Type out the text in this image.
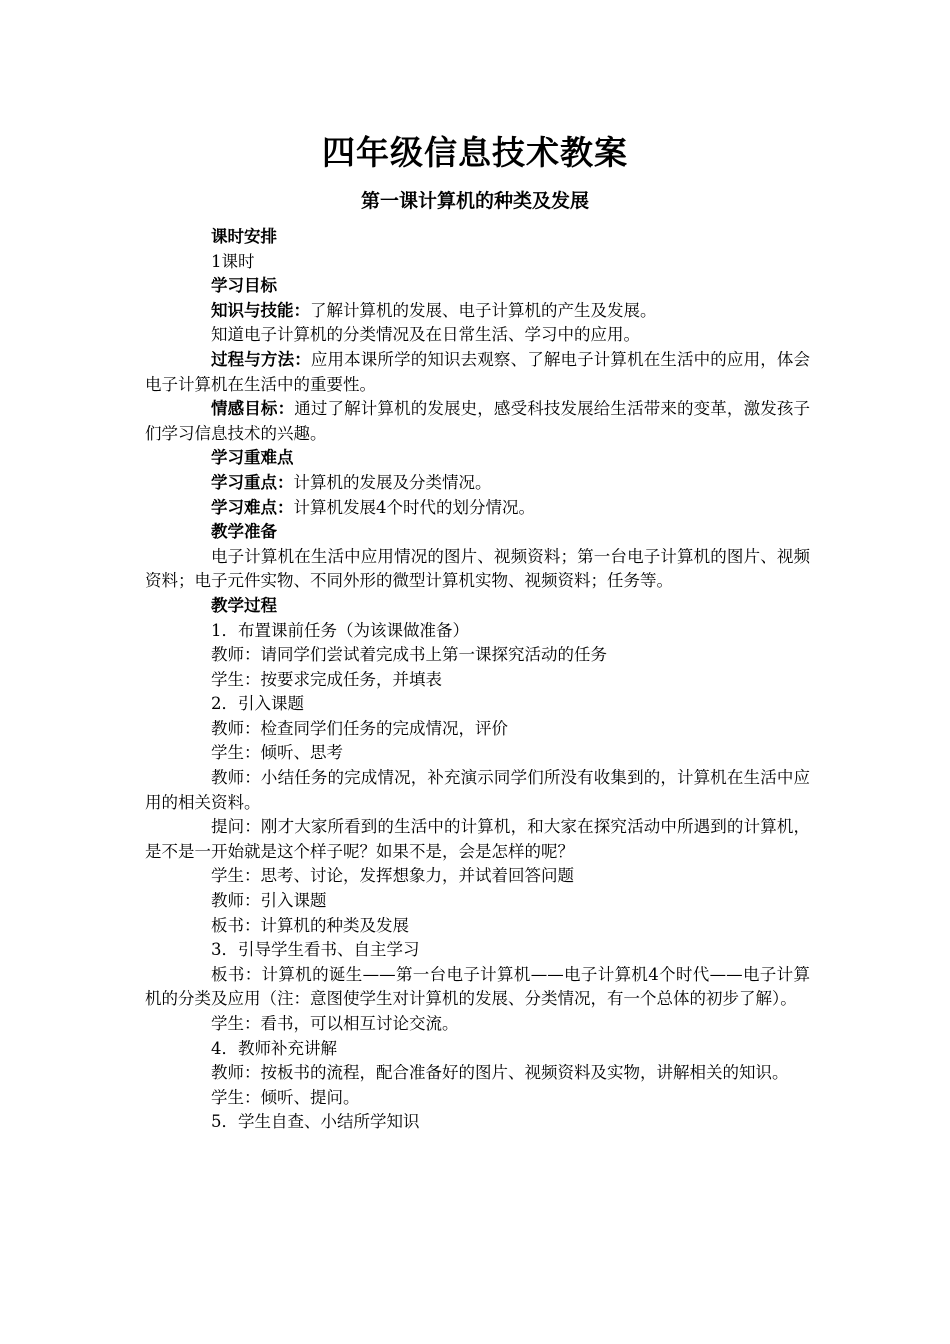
四年级信息技术教案
第一课计算机的种类及发展

课时安排

1课时

学习目标

知识与技能：了解计算机的发展、电子计算机的产生及发展。

知道电子计算机的分类情况及在日常生活、学习中的应用。

过程与方法：应用本课所学的知识去观察、了解电子计算机在生活中的应用，体会电子计算机在生活中的重要性。

情感目标：通过了解计算机的发展史，感受科技发展给生活带来的变革，激发孩子们学习信息技术的兴趣。

学习重难点

学习重点：计算机的发展及分类情况。

学习难点：计算机发展4个时代的划分情况。

教学准备

电子计算机在生活中应用情况的图片、视频资料；第一台电子计算机的图片、视频资料；电子元件实物、不同外形的微型计算机实物、视频资料；任务等。

教学过程

1．布置课前任务（为该课做准备）

教师：请同学们尝试着完成书上第一课探究活动的任务

学生：按要求完成任务，并填表

2．引入课题

教师：检查同学们任务的完成情况，评价

学生：倾听、思考

教师：小结任务的完成情况，补充演示同学们所没有收集到的，计算机在生活中应用的相关资料。

提问：刚才大家所看到的生活中的计算机，和大家在探究活动中所遇到的计算机，是不是一开始就是这个样子呢？如果不是，会是怎样的呢？

学生：思考、讨论，发挥想象力，并试着回答问题

教师：引入课题

板书：计算机的种类及发展

3．引导学生看书、自主学习

板书：计算机的诞生——第一台电子计算机——电子计算机4个时代——电子计算机的分类及应用（注：意图使学生对计算机的发展、分类情况，有一个总体的初步了解）。

学生：看书，可以相互讨论交流。

4．教师补充讲解

教师：按板书的流程，配合准备好的图片、视频资料及实物，讲解相关的知识。

学生：倾听、提问。

5．学生自查、小结所学知识
